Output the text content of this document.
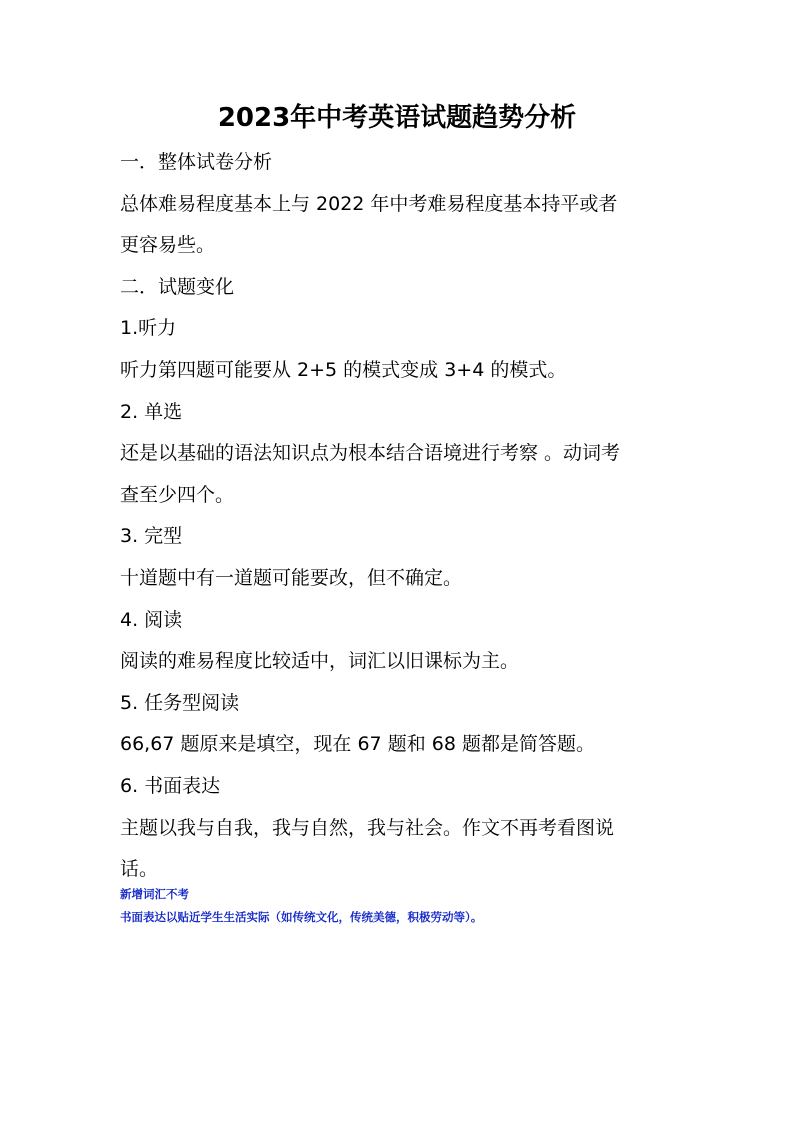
2023年中考英语试题趋势分析

一．整体试卷分析

总体难易程度基本上与 2022 年中考难易程度基本持平或者

更容易些。

二．试题变化

1.听力

听力第四题可能要从 2+5 的模式变成 3+4 的模式。

2. 单选

还是以基础的语法知识点为根本结合语境进行考察 。动词考

查至少四个。

3. 完型

十道题中有一道题可能要改，但不确定。

4. 阅读

阅读的难易程度比较适中，词汇以旧课标为主。

5. 任务型阅读

66,67 题原来是填空，现在 67 题和 68 题都是简答题。

6. 书面表达

主题以我与自我，我与自然，我与社会。作文不再考看图说

话。

新增词汇不考

书面表达以贴近学生生活实际（如传统文化，传统美德，积极劳动等）。
